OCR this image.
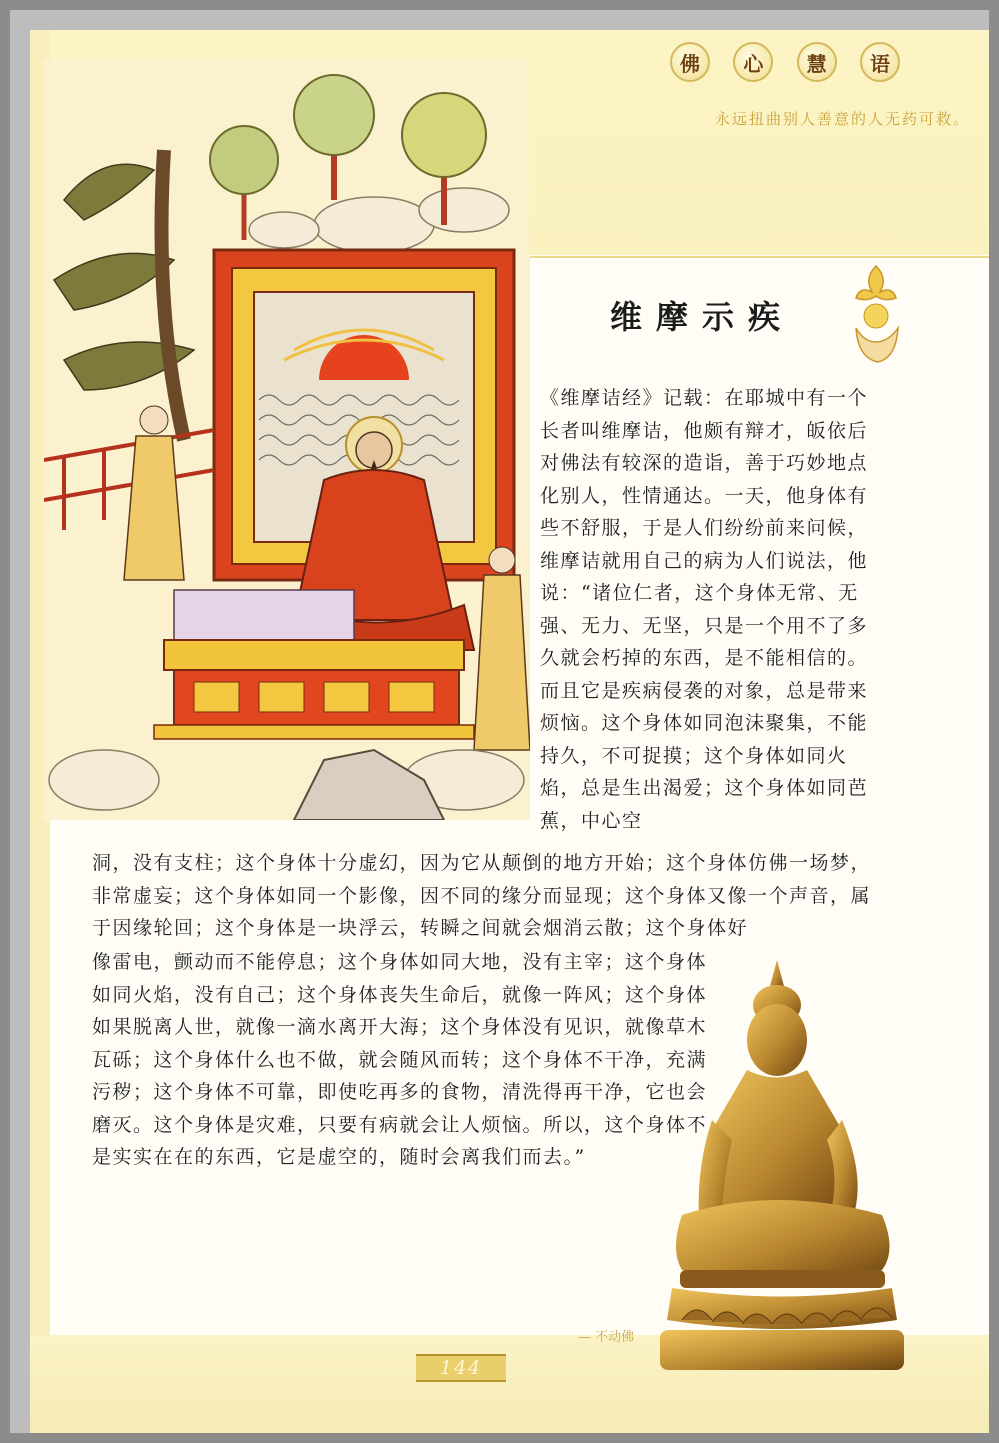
佛	心	慧	语
永远扭曲别人善意的人无药可救。
维摩示疾

《维摩诘经》记载：在耶城中有一个长者叫维摩诘，他颇有辩才，皈依后对佛法有较深的造诣，善于巧妙地点化别人，性情通达。一天，他身体有些不舒服，于是人们纷纷前来问候，维摩诘就用自己的病为人们说法，他说：“诸位仁者，这个身体无常、无强、无力、无坚，只是一个用不了多久就会朽掉的东西，是不能相信的。而且它是疾病侵袭的对象，总是带来烦恼。这个身体如同泡沫聚集，不能持久，不可捉摸；这个身体如同火焰，总是生出渴爱；这个身体如同芭蕉，中心空

洞，没有支柱；这个身体十分虚幻，因为它从颠倒的地方开始；这个身体仿佛一场梦，非常虚妄；这个身体如同一个影像，因不同的缘分而显现；这个身体又像一个声音，属于因缘轮回；这个身体是一块浮云，转瞬之间就会烟消云散；这个身体好

像雷电，颤动而不能停息；这个身体如同大地，没有主宰；这个身体如同火焰，没有自己；这个身体丧失生命后，就像一阵风；这个身体如果脱离人世，就像一滴水离开大海；这个身体没有见识，就像草木瓦砾；这个身体什么也不做，就会随风而转；这个身体不干净，充满污秽；这个身体不可靠，即使吃再多的食物，清洗得再干净，它也会磨灭。这个身体是灾难，只要有病就会让人烦恼。所以，这个身体不是实实在在的东西，它是虚空的，随时会离我们而去。”

— 不动佛
144
